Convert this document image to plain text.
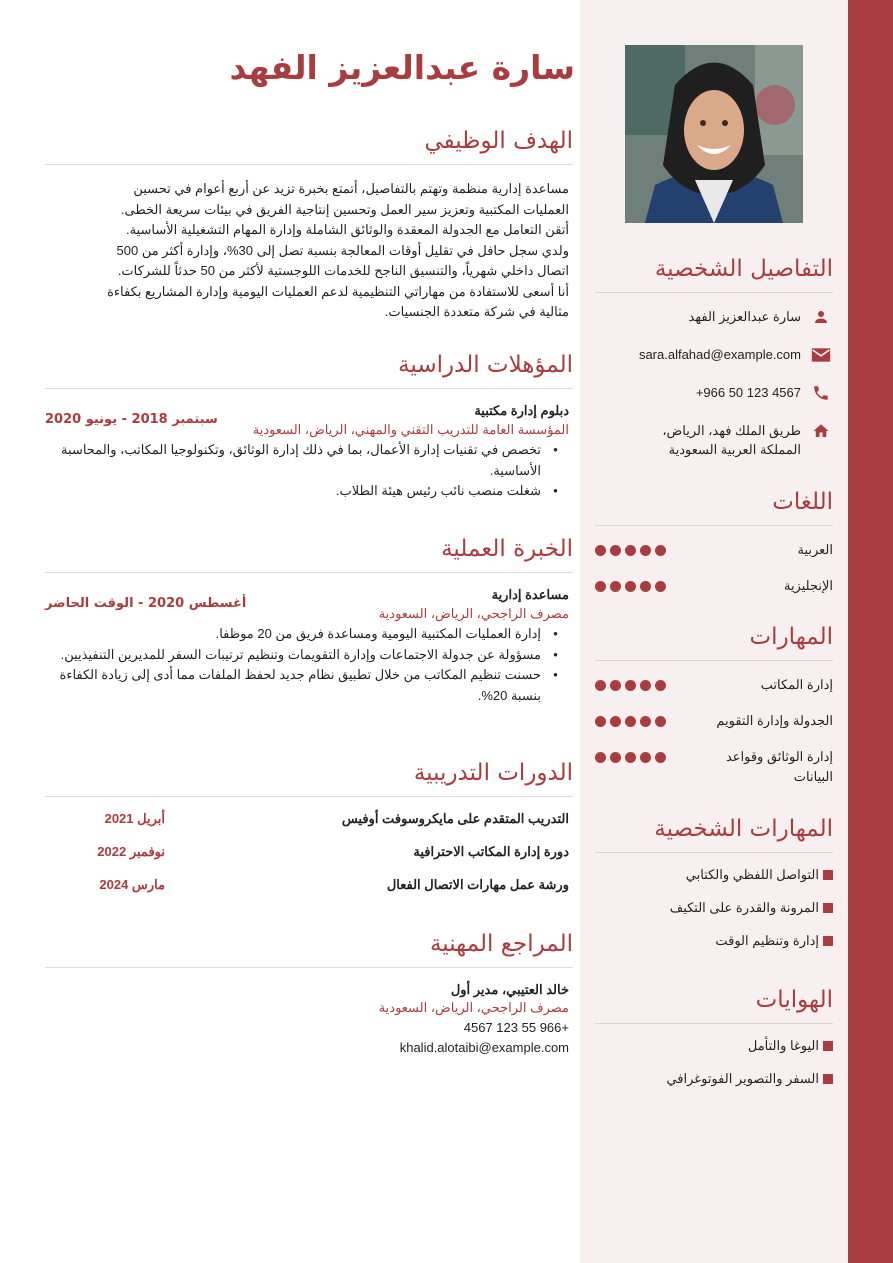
سارة عبدالعزيز الفهد
الهدف الوظيفي
مساعدة إدارية منظمة وتهتم بالتفاصيل، أتمتع بخبرة تزيد عن أربع أعوام في تحسين
العمليات المكتبية وتعزيز سير العمل وتحسين إنتاجية الفريق في بيئات سريعة الخطى.
أتقن التعامل مع الجدولة المعقدة والوثائق الشاملة وإدارة المهام التشغيلية الأساسية.
ولدي سجل حافل في تقليل أوقات المعالجة بنسبة تصل إلى 30%، وإدارة أكثر من 500
اتصال داخلي شهرياً، والتنسيق الناجح للخدمات اللوجستية لأكثر من 50 حدثاً للشركات.
أنا أسعى للاستفادة من مهاراتي التنظيمية لدعم العمليات اليومية وإدارة المشاريع بكفاءة
مثالية في شركة متعددة الجنسيات.
المؤهلات الدراسية
دبلوم إدارة مكتبية
سبتمبر 2018 - يونيو 2020
المؤسسة العامة للتدريب التقني والمهني، الرياض، السعودية
● تخصص في تقنيات إدارة الأعمال، بما في ذلك إدارة الوثائق، وتكنولوجيا المكاتب، والمحاسبة الأساسية.
● شغلت منصب نائب رئيس هيئة الطلاب.
الخبرة العملية
مساعدة إدارية
أغسطس 2020 - الوقت الحاضر
مصرف الراجحي، الرياض، السعودية
● إدارة العمليات المكتبية اليومية ومساعدة فريق من 20 موظفا.
● مسؤولة عن جدولة الاجتماعات وإدارة التقويمات وتنظيم ترتيبات السفر للمديرين التنفيذيين.
● حسنت تنظيم المكاتب من خلال تطبيق نظام جديد لحفظ الملفات مما أدى إلى زيادة الكفاءة بنسبة 20%.
الدورات التدريبية
التدريب المتقدم على مايكروسوفت أوفيس
أبريل 2021
دورة إدارة المكاتب الاحترافية
نوفمبر 2022
ورشة عمل مهارات الاتصال الفعال
مارس 2024
المراجع المهنية
خالد العتيبي، مدير أول
مصرف الراجحي، الرياض، السعودية
+966 55 123 4567
khalid.alotaibi@example.com
التفاصيل الشخصية
سارة عبدالعزيز الفهد
sara.alfahad@example.com
+966 50 123 4567
طريق الملك فهد، الرياض،
المملكة العربية السعودية
اللغات
العربية
الإنجليزية
المهارات
إدارة المكاتب
الجدولة وإدارة التقويم
إدارة الوثائق وقواعد البيانات
المهارات الشخصية
التواصل اللفظي والكتابي
المرونة والقدرة على التكيف
إدارة وتنظيم الوقت
الهوايات
اليوغا والتأمل
السفر والتصوير الفوتوغرافي
